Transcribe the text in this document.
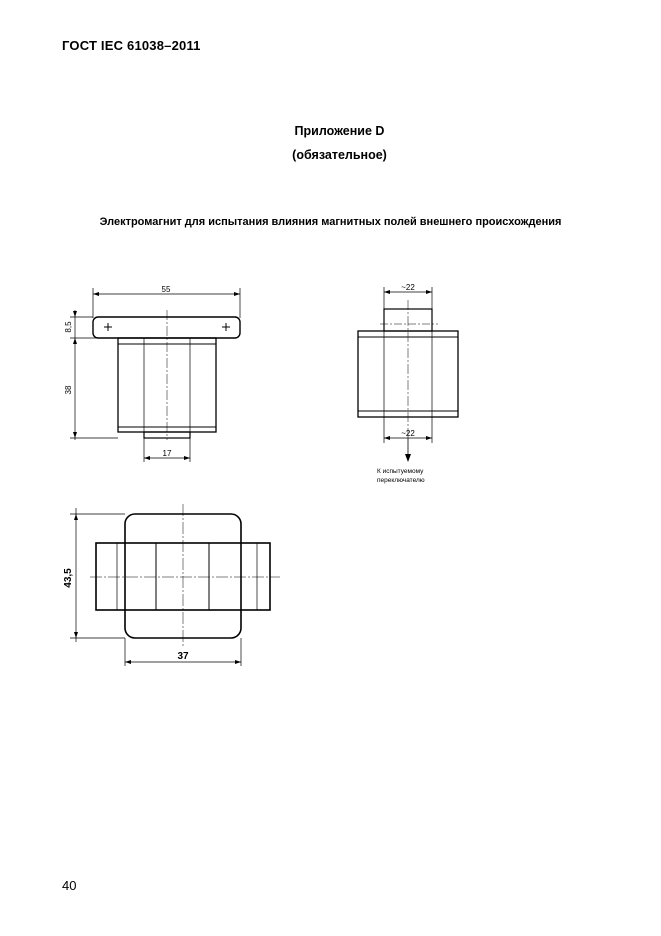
ГОСТ IEC 61038–2011
Приложение D
(обязательное)
Электромагнит для испытания влияния магнитных полей внешнего происхождения
55
8,5
38
17
~22
~22
К испытуемому
переключателю
43,5
37
40
